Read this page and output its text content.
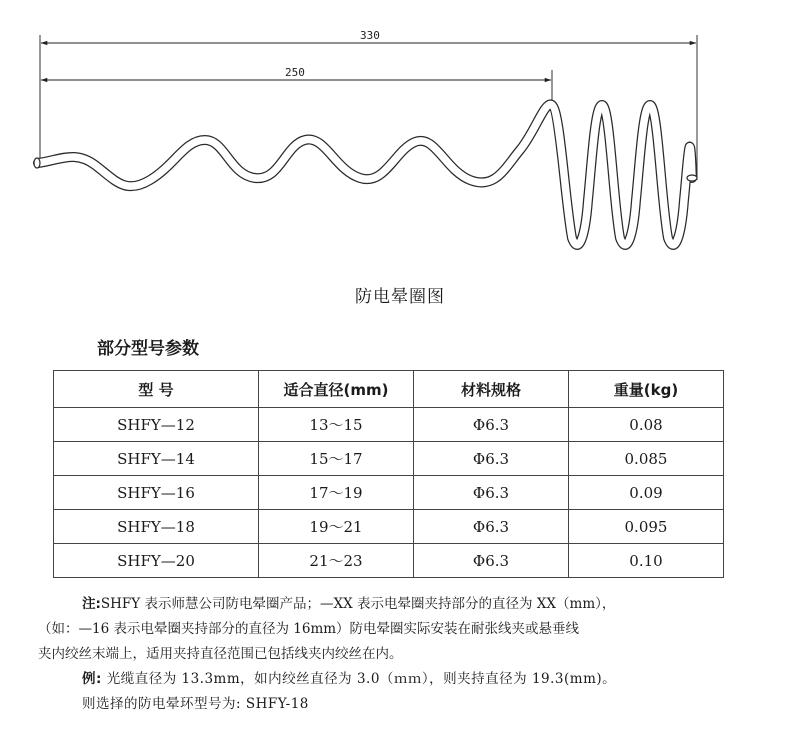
330
250
防电晕圈图
部分型号参数
型 号	适合直径(mm)	材料规格	重量(kg)
SHFY—12	13～15	Φ6.3	0.08
SHFY—14	15～17	Φ6.3	0.085
SHFY—16	17～19	Φ6.3	0.09
SHFY—18	19～21	Φ6.3	0.095
SHFY—20	21～23	Φ6.3	0.10

注:SHFY 表示师慧公司防电晕圈产品；—XX 表示电晕圈夹持部分的直径为 XX（mm），

（如：—16 表示电晕圈夹持部分的直径为 16mm）防电晕圈实际安装在耐张线夹或悬垂线

夹内绞丝末端上，适用夹持直径范围已包括线夹内绞丝在内。

例: 光缆直径为 13.3mm，如内绞丝直径为 3.0（ｍｍ），则夹持直径为 19.3(mm)。

则选择的防电晕环型号为: SHFY-18
